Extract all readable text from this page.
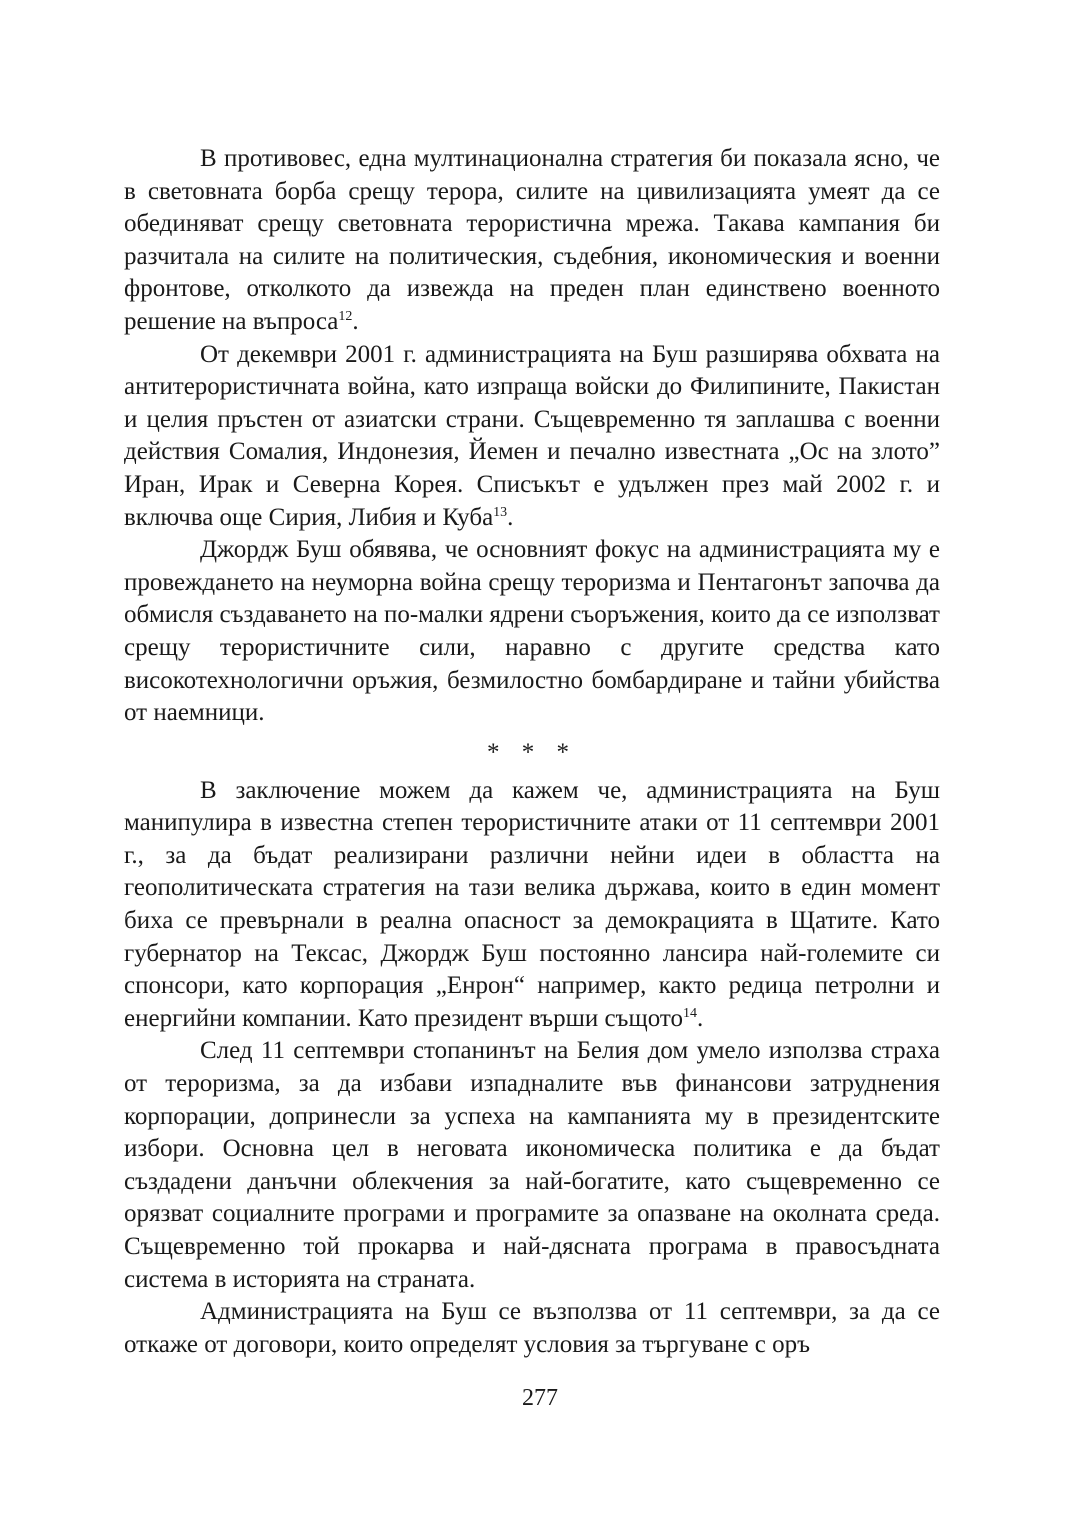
В противовес, една мултинационална стратегия би показала ясно, че в световната борба срещу терора, силите на цивилизацията умеят да се обединяват срещу световната терористична мрежа. Такава кампания би разчитала на силите на политическия, съдебния, икономическия и военни фронтове, отколкото да извежда на преден план единствено военното решение на въпроса$^{12}$.

От декември 2001 г. администрацията на Буш разширява обхвата на антитерористичната война, като изпраща войски до Филипините, Пакистан и целия пръстен от азиатски страни. Същевременно тя заплашва с военни действия Сомалия, Индонезия, Йемен и печално известната „Ос на злото” Иран, Ирак и Северна Корея. Списъкът е удължен през май 2002 г. и включва още Сирия, Либия и Куба$^{13}$.

Джордж Буш обявява, че основният фокус на администрацията му е провеждането на неуморна война срещу тероризма и Пентагонът започва да обмисля създаването на по-малки ядрени съоръжения, които да се използват срещу терористичните сили, наравно с другите средства като високотехнологични оръжия, безмилостно бомбардиране и тайни убийства от наемници.

* * *

В заключение можем да кажем че, администрацията на Буш манипулира в известна степен терористичните атаки от 11 септември 2001 г., за да бъдат реализирани различни нейни идеи в областта на геополитическата стратегия на тази велика държава, които в един момент биха се превърнали в реална опасност за демокрацията в Щатите. Като губернатор на Тексас, Джордж Буш постоянно лансира най-големите си спонсори, като корпорация „Енрон“ например, както редица петролни и енергийни компании. Като президент върши същото$^{14}$.

След 11 септември стопанинът на Белия дом умело използва страха от тероризма, за да избави изпадналите във финансови затруднения корпорации, допринесли за успеха на кампанията му в президентските избори. Основна цел в неговата икономическа политика е да бъдат създадени данъчни облекчения за най-богатите, като същевременно се орязват социалните програми и програмите за опазване на околната среда. Същевременно той прокарва и най-дясната програма в правосъдната система в историята на страната.

Администрацията на Буш се възползва от 11 септември, за да се откаже от договори, които определят условия за търгуване с оръ

277
